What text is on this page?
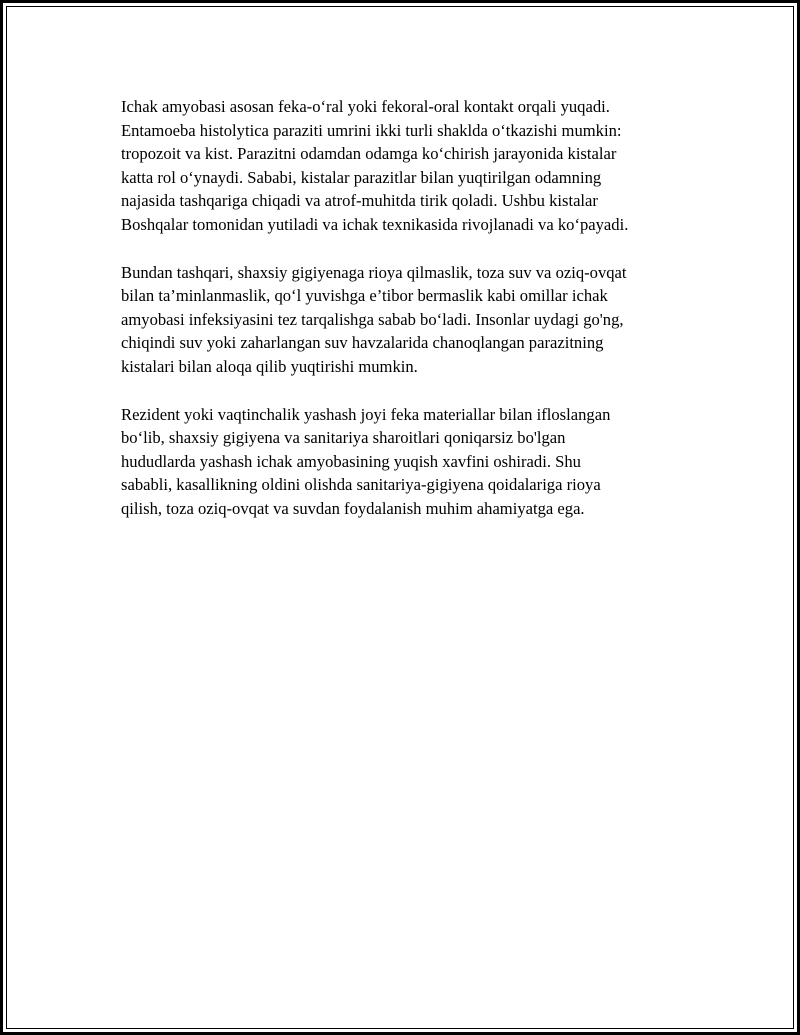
Ichak amyobasi asosan feka-o‘ral yoki fekoral-oral kontakt orqali yuqadi.
Entamoeba histolytica paraziti umrini ikki turli shaklda o‘tkazishi mumkin:
tropozoit va kist. Parazitni odamdan odamga ko‘chirish jarayonida kistalar
katta rol o‘ynaydi. Sababi, kistalar parazitlar bilan yuqtirilgan odamning
najasida tashqariga chiqadi va atrof-muhitda tirik qoladi. Ushbu kistalar
Boshqalar tomonidan yutiladi va ichak texnikasida rivojlanadi va ko‘payadi.

Bundan tashqari, shaxsiy gigiyenaga rioya qilmaslik, toza suv va oziq-ovqat
bilan ta’minlanmaslik, qo‘l yuvishga e’tibor bermaslik kabi omillar ichak
amyobasi infeksiyasini tez tarqalishga sabab bo‘ladi. Insonlar uydagi go'ng,
chiqindi suv yoki zaharlangan suv havzalarida chanoqlangan parazitning
kistalari bilan aloqa qilib yuqtirishi mumkin.

Rezident yoki vaqtinchalik yashash joyi feka materiallar bilan ifloslangan
bo‘lib, shaxsiy gigiyena va sanitariya sharoitlari qoniqarsiz bo'lgan
hududlarda yashash ichak amyobasining yuqish xavfini oshiradi. Shu
sababli, kasallikning oldini olishda sanitariya-gigiyena qoidalariga rioya
qilish, toza oziq-ovqat va suvdan foydalanish muhim ahamiyatga ega.
